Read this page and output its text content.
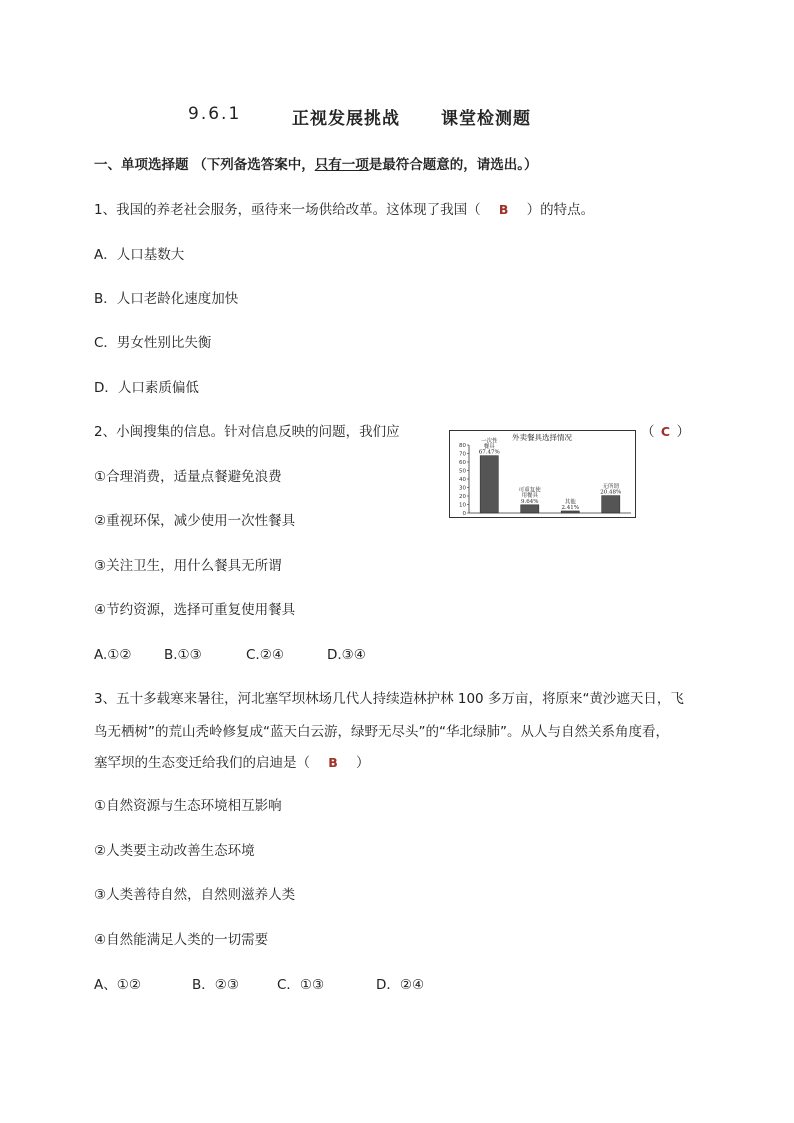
9.6.1	正视发展挑战 课堂检测题
一、单项选择题 （下列备选答案中，只有一项是最符合题意的，请选出。）
1、我国的养老社会服务，亟待来一场供给改革。这体现了我国（ B ）的特点。
A．人口基数大
B．人口老龄化速度加快
C．男女性别比失衡
D．人口素质偏低
2、小闽搜集的信息。针对信息反映的问题，我们应	（ C ）
外卖餐具选择情况
80
70
60
50
40
30
20
10
0
一次性餐具 67.47%
可重复使用餐具 9.64%	其他 2.41%
无所谓 20.48%
①合理消费，适量点餐避免浪费
②重视环保，减少使用一次性餐具
③关注卫生，用什么餐具无所谓
④节约资源，选择可重复使用餐具
A.①② B.①③	C.②④	D.③④
3、五十多载寒来暑往，河北塞罕坝林场几代人持续造林护林 100 多万亩，将原来“黄沙遮天日，飞
鸟无栖树”的荒山秃岭修复成“蓝天白云游，绿野无尽头”的“华北绿肺”。从人与自然关系角度看，
塞罕坝的生态变迁给我们的启迪是（ B ）
①自然资源与生态环境相互影响
②人类要主动改善生态环境
③人类善待自然，自然则滋养人类
④自然能满足人类的一切需要
A、①②	B．②③	C．①③	D．②④
